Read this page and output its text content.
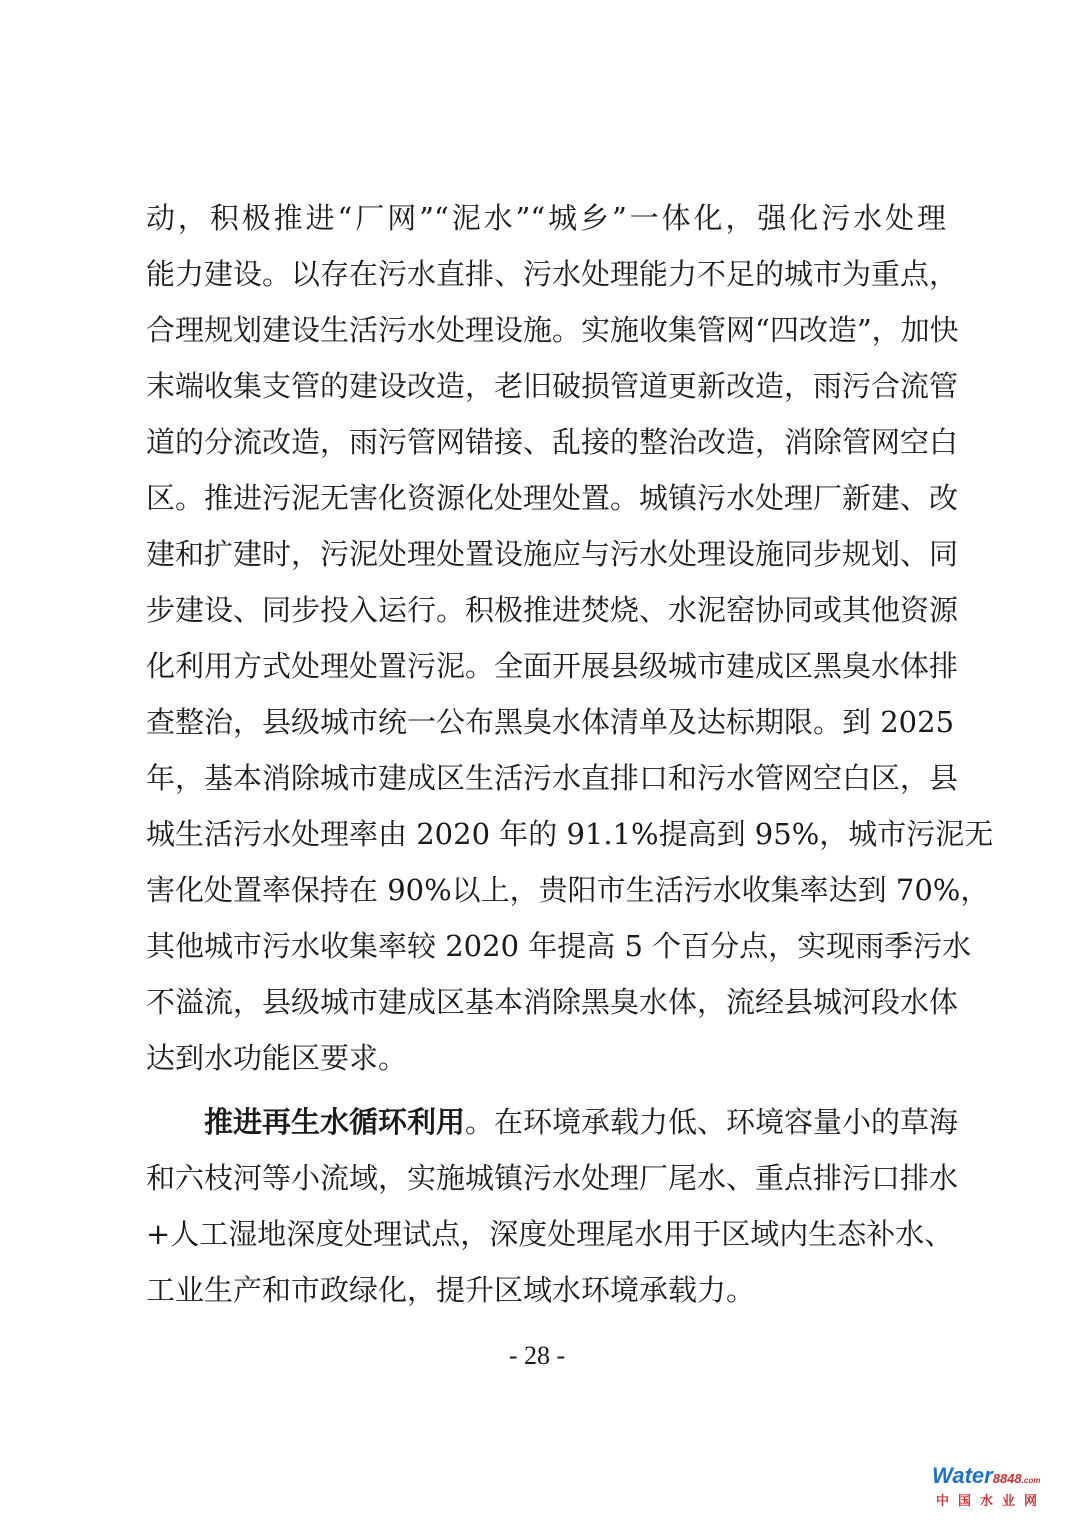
动，积极推进“厂网”“泥水”“城乡”一体化，强化污水处理
能力建设。以存在污水直排、污水处理能力不足的城市为重点，
合理规划建设生活污水处理设施。实施收集管网“四改造”，加快
末端收集支管的建设改造，老旧破损管道更新改造，雨污合流管
道的分流改造，雨污管网错接、乱接的整治改造，消除管网空白
区。推进污泥无害化资源化处理处置。城镇污水处理厂新建、改
建和扩建时，污泥处理处置设施应与污水处理设施同步规划、同
步建设、同步投入运行。积极推进焚烧、水泥窑协同或其他资源
化利用方式处理处置污泥。全面开展县级城市建成区黑臭水体排
查整治，县级城市统一公布黑臭水体清单及达标期限。到 2025
年，基本消除城市建成区生活污水直排口和污水管网空白区，县
城生活污水处理率由 2020 年的 91.1%提高到 95%，城市污泥无
害化处置率保持在 90%以上，贵阳市生活污水收集率达到 70%，
其他城市污水收集率较 2020 年提高 5 个百分点，实现雨季污水
不溢流，县级城市建成区基本消除黑臭水体，流经县城河段水体
达到水功能区要求。
推进再生水循环利用。在环境承载力低、环境容量小的草海
和六枝河等小流域，实施城镇污水处理厂尾水、重点排污口排水
+人工湿地深度处理试点，深度处理尾水用于区域内生态补水、
工业生产和市政绿化，提升区域水环境承载力。
- 28 -
Water8848.com
中国水业网
